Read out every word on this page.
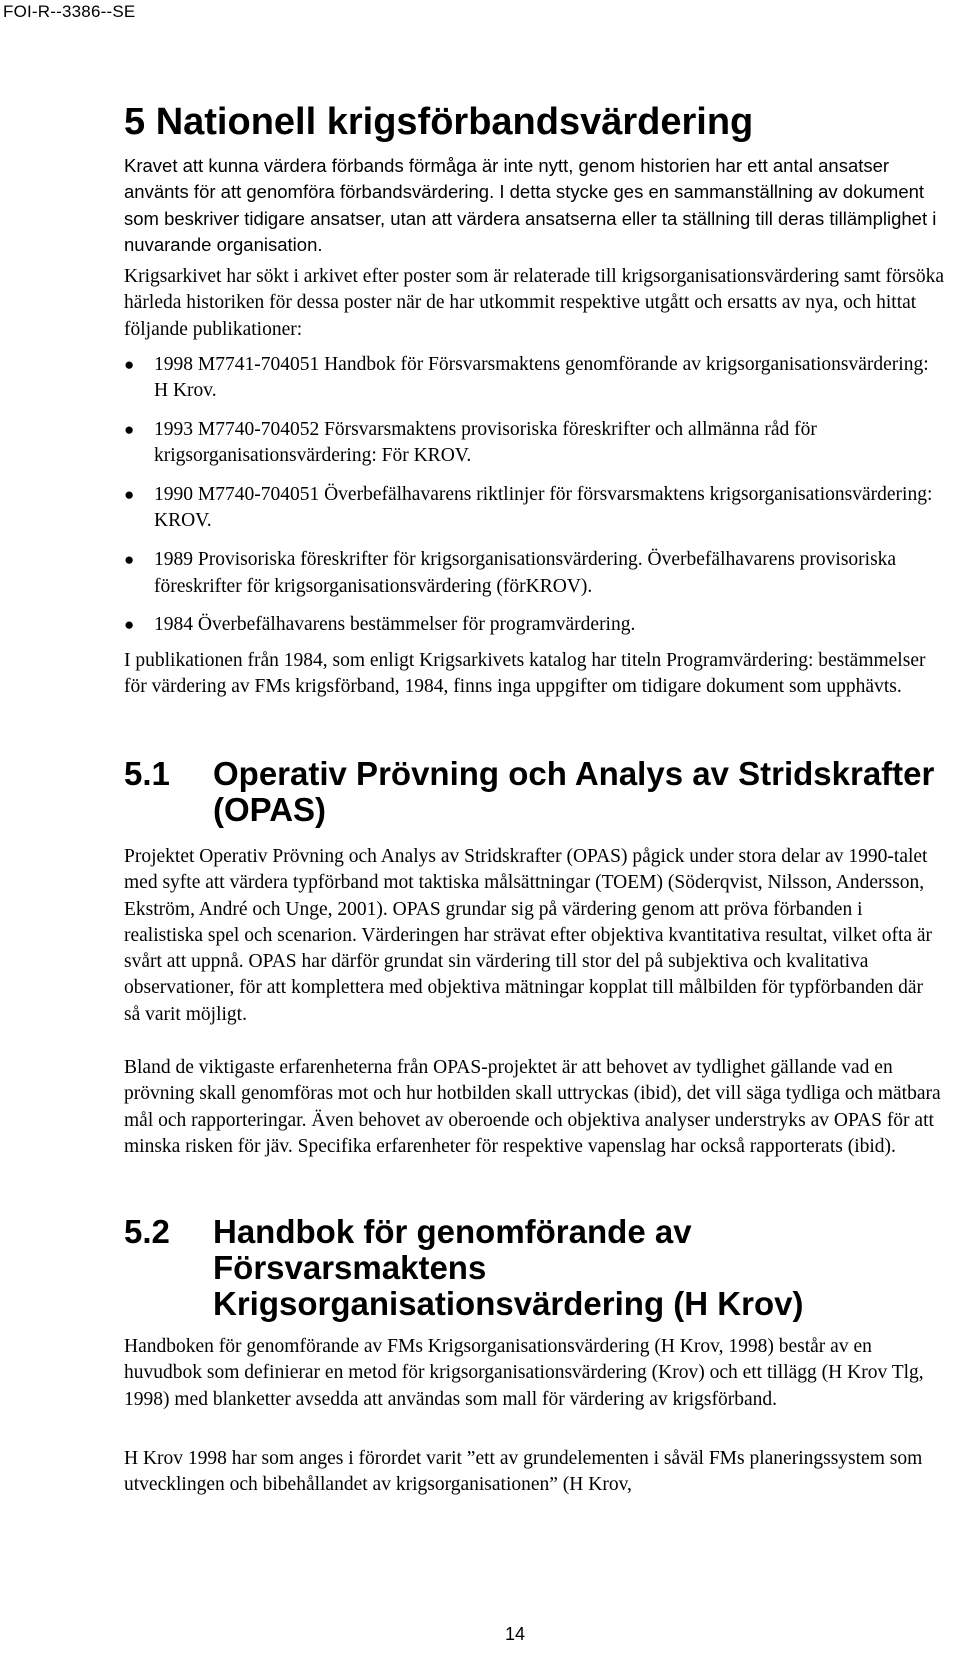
FOI-R--3386--SE
5 Nationell krigsförbandsvärdering

Kravet att kunna värdera förbands förmåga är inte nytt, genom historien har ett antal ansatser använts för att genomföra förbandsvärdering. I detta stycke ges en sammanställning av dokument som beskriver tidigare ansatser, utan att värdera ansatserna eller ta ställning till deras tillämplighet i nuvarande organisation.

Krigsarkivet har sökt i arkivet efter poster som är relaterade till krigsorganisationsvärdering samt försöka härleda historiken för dessa poster när de har utkommit respektive utgått och ersatts av nya, och hittat följande publikationer:

● 1998 M7741-704051 Handbok för Försvarsmaktens genomförande av krigsorganisationsvärdering: H Krov.
● 1993 M7740-704052 Försvarsmaktens provisoriska föreskrifter och allmänna råd för krigsorganisationsvärdering: För KROV.
● 1990 M7740-704051 Överbefälhavarens riktlinjer för försvarsmaktens krigsorganisationsvärdering: KROV.
● 1989 Provisoriska föreskrifter för krigsorganisationsvärdering. Överbefälhavarens provisoriska föreskrifter för krigsorganisationsvärdering (förKROV).
● 1984 Överbefälhavarens bestämmelser för programvärdering.

I publikationen från 1984, som enligt Krigsarkivets katalog har titeln Programvärdering: bestämmelser för värdering av FMs krigsförband, 1984, finns inga uppgifter om tidigare dokument som upphävts.

5.1 Operativ Prövning och Analys av Stridskrafter (OPAS)

Projektet Operativ Prövning och Analys av Stridskrafter (OPAS) pågick under stora delar av 1990-talet med syfte att värdera typförband mot taktiska målsättningar (TOEM) (Söderqvist, Nilsson, Andersson, Ekström, André och Unge, 2001). OPAS grundar sig på värdering genom att pröva förbanden i realistiska spel och scenarion. Värderingen har strävat efter objektiva kvantitativa resultat, vilket ofta är svårt att uppnå. OPAS har därför grundat sin värdering till stor del på subjektiva och kvalitativa observationer, för att komplettera med objektiva mätningar kopplat till målbilden för typförbanden där så varit möjligt.

Bland de viktigaste erfarenheterna från OPAS-projektet är att behovet av tydlighet gällande vad en prövning skall genomföras mot och hur hotbilden skall uttryckas (ibid), det vill säga tydliga och mätbara mål och rapporteringar. Även behovet av oberoende och objektiva analyser understryks av OPAS för att minska risken för jäv. Specifika erfarenheter för respektive vapenslag har också rapporterats (ibid).

5.2 Handbok för genomförande av Försvarsmaktens Krigsorganisationsvärdering (H Krov)

Handboken för genomförande av FMs Krigsorganisationsvärdering (H Krov, 1998) består av en huvudbok som definierar en metod för krigsorganisationsvärdering (Krov) och ett tillägg (H Krov Tlg, 1998) med blanketter avsedda att användas som mall för värdering av krigsförband.

H Krov 1998 har som anges i förordet varit ”ett av grundelementen i såväl FMs planeringssystem som utvecklingen och bibehållandet av krigsorganisationen” (H Krov,

14
